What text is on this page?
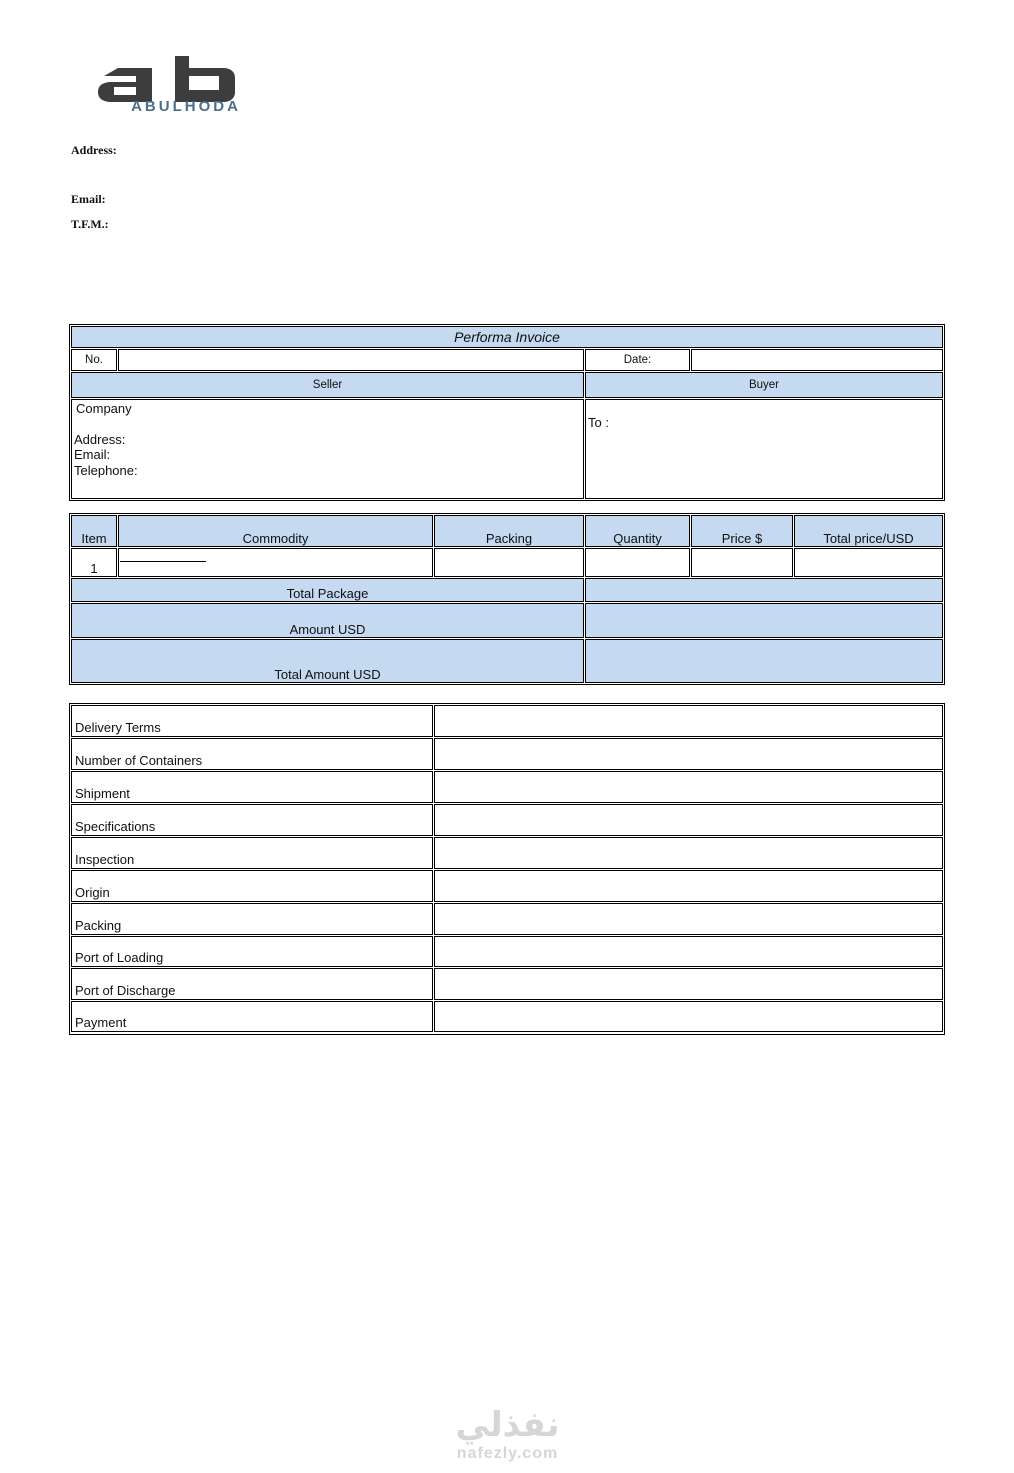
ABULHODA
Address:
Email:
T.F.M.:
Performa Invoice
No.	Date:
Seller	Buyer
Company
Address:
Email:
Telephone:
To :
Item	Commodity	Packing	Quantity	Price $	Total price/USD
1
Total Package
Amount USD
Total Amount USD
Delivery Terms
Number of Containers
Shipment
Specifications
Inspection
Origin
Packing
Port of Loading
Port of Discharge
Payment
نفذلي
nafezly.com
